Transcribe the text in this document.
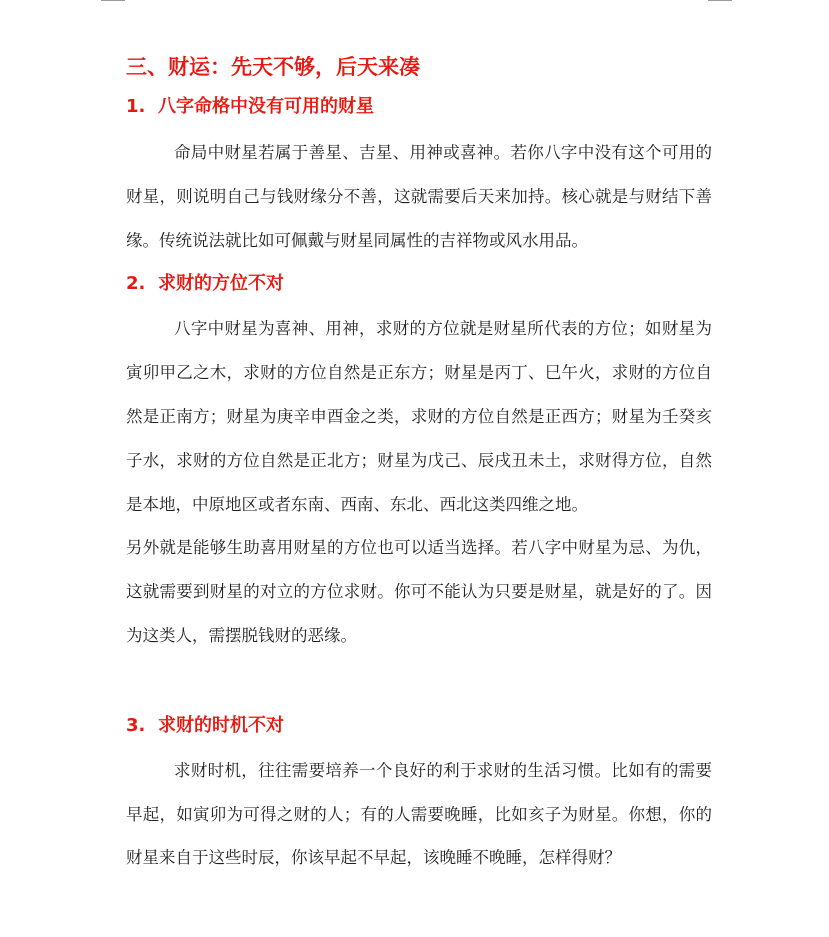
三、财运：先天不够，后天来凑
1. 八字命格中没有可用的财星

命局中财星若属于善星、吉星、用神或喜神。若你八字中没有这个可用的财星，则说明自己与钱财缘分不善，这就需要后天来加持。核心就是与财结下善缘。传统说法就比如可佩戴与财星同属性的吉祥物或风水用品。

2. 求财的方位不对

八字中财星为喜神、用神，求财的方位就是财星所代表的方位；如财星为寅卯甲乙之木，求财的方位自然是正东方；财星是丙丁、巳午火，求财的方位自然是正南方；财星为庚辛申酉金之类，求财的方位自然是正西方；财星为壬癸亥子水，求财的方位自然是正北方；财星为戊己、辰戌丑未土，求财得方位，自然是本地，中原地区或者东南、西南、东北、西北这类四维之地。

另外就是能够生助喜用财星的方位也可以适当选择。若八字中财星为忌、为仇，这就需要到财星的对立的方位求财。你可不能认为只要是财星，就是好的了。因为这类人，需摆脱钱财的恶缘。

3. 求财的时机不对

求财时机，往往需要培养一个良好的利于求财的生活习惯。比如有的需要早起，如寅卯为可得之财的人；有的人需要晚睡，比如亥子为财星。你想，你的财星来自于这些时辰，你该早起不早起，该晚睡不晚睡，怎样得财？
